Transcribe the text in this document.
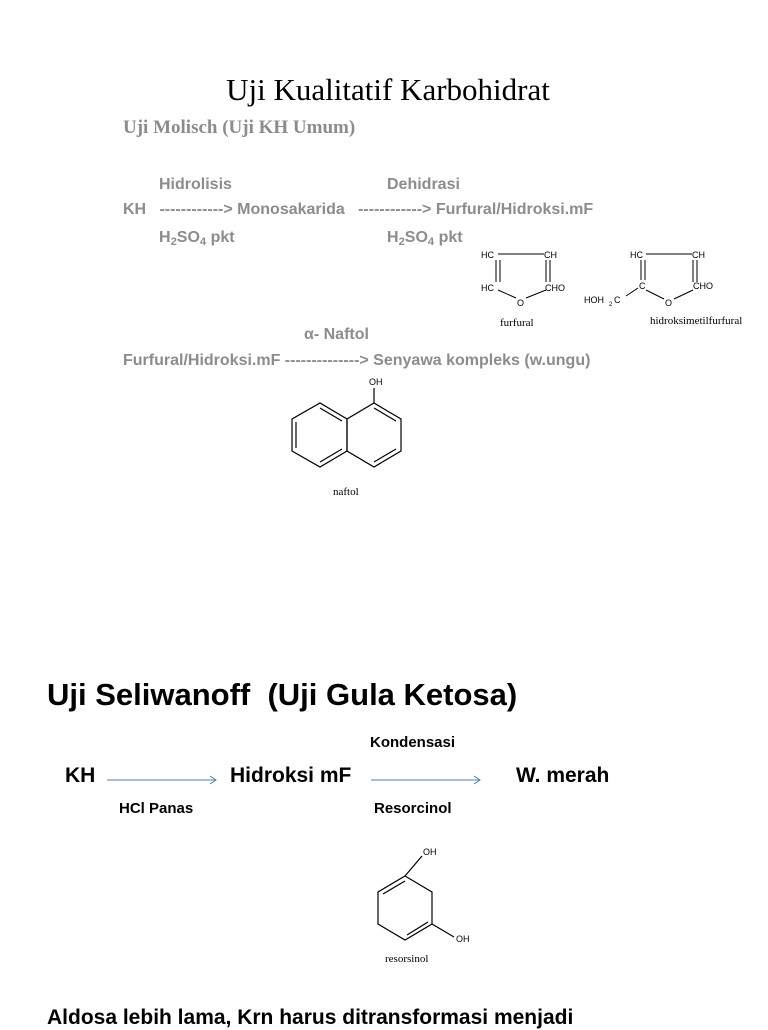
Uji Kualitatif Karbohidrat
Uji Molisch (Uji KH Umum)
Hidrolisis	Dehidrasi
KH   ------------> Monosakarida   ------------> Furfural/Hidroksi.mF
$H_2SO_4$ pkt	$H_2SO_4$ pkt
HC	CH
HC	CHO
O
furfural
HC	CH
C	CHO
O
HOH 2 C
hidroksimetilfurfural
α- Naftol
Furfural/Hidroksi.mF --------------> Senyawa kompleks (w.ungu)
OH
naftol
Uji Seliwanoff  (Uji Gula Ketosa)
Kondensasi
KH	Hidroksi mF	W. merah
HCl Panas	Resorcinol
OH
OH
resorsinol
Aldosa lebih lama, Krn harus ditransformasi menjadi
